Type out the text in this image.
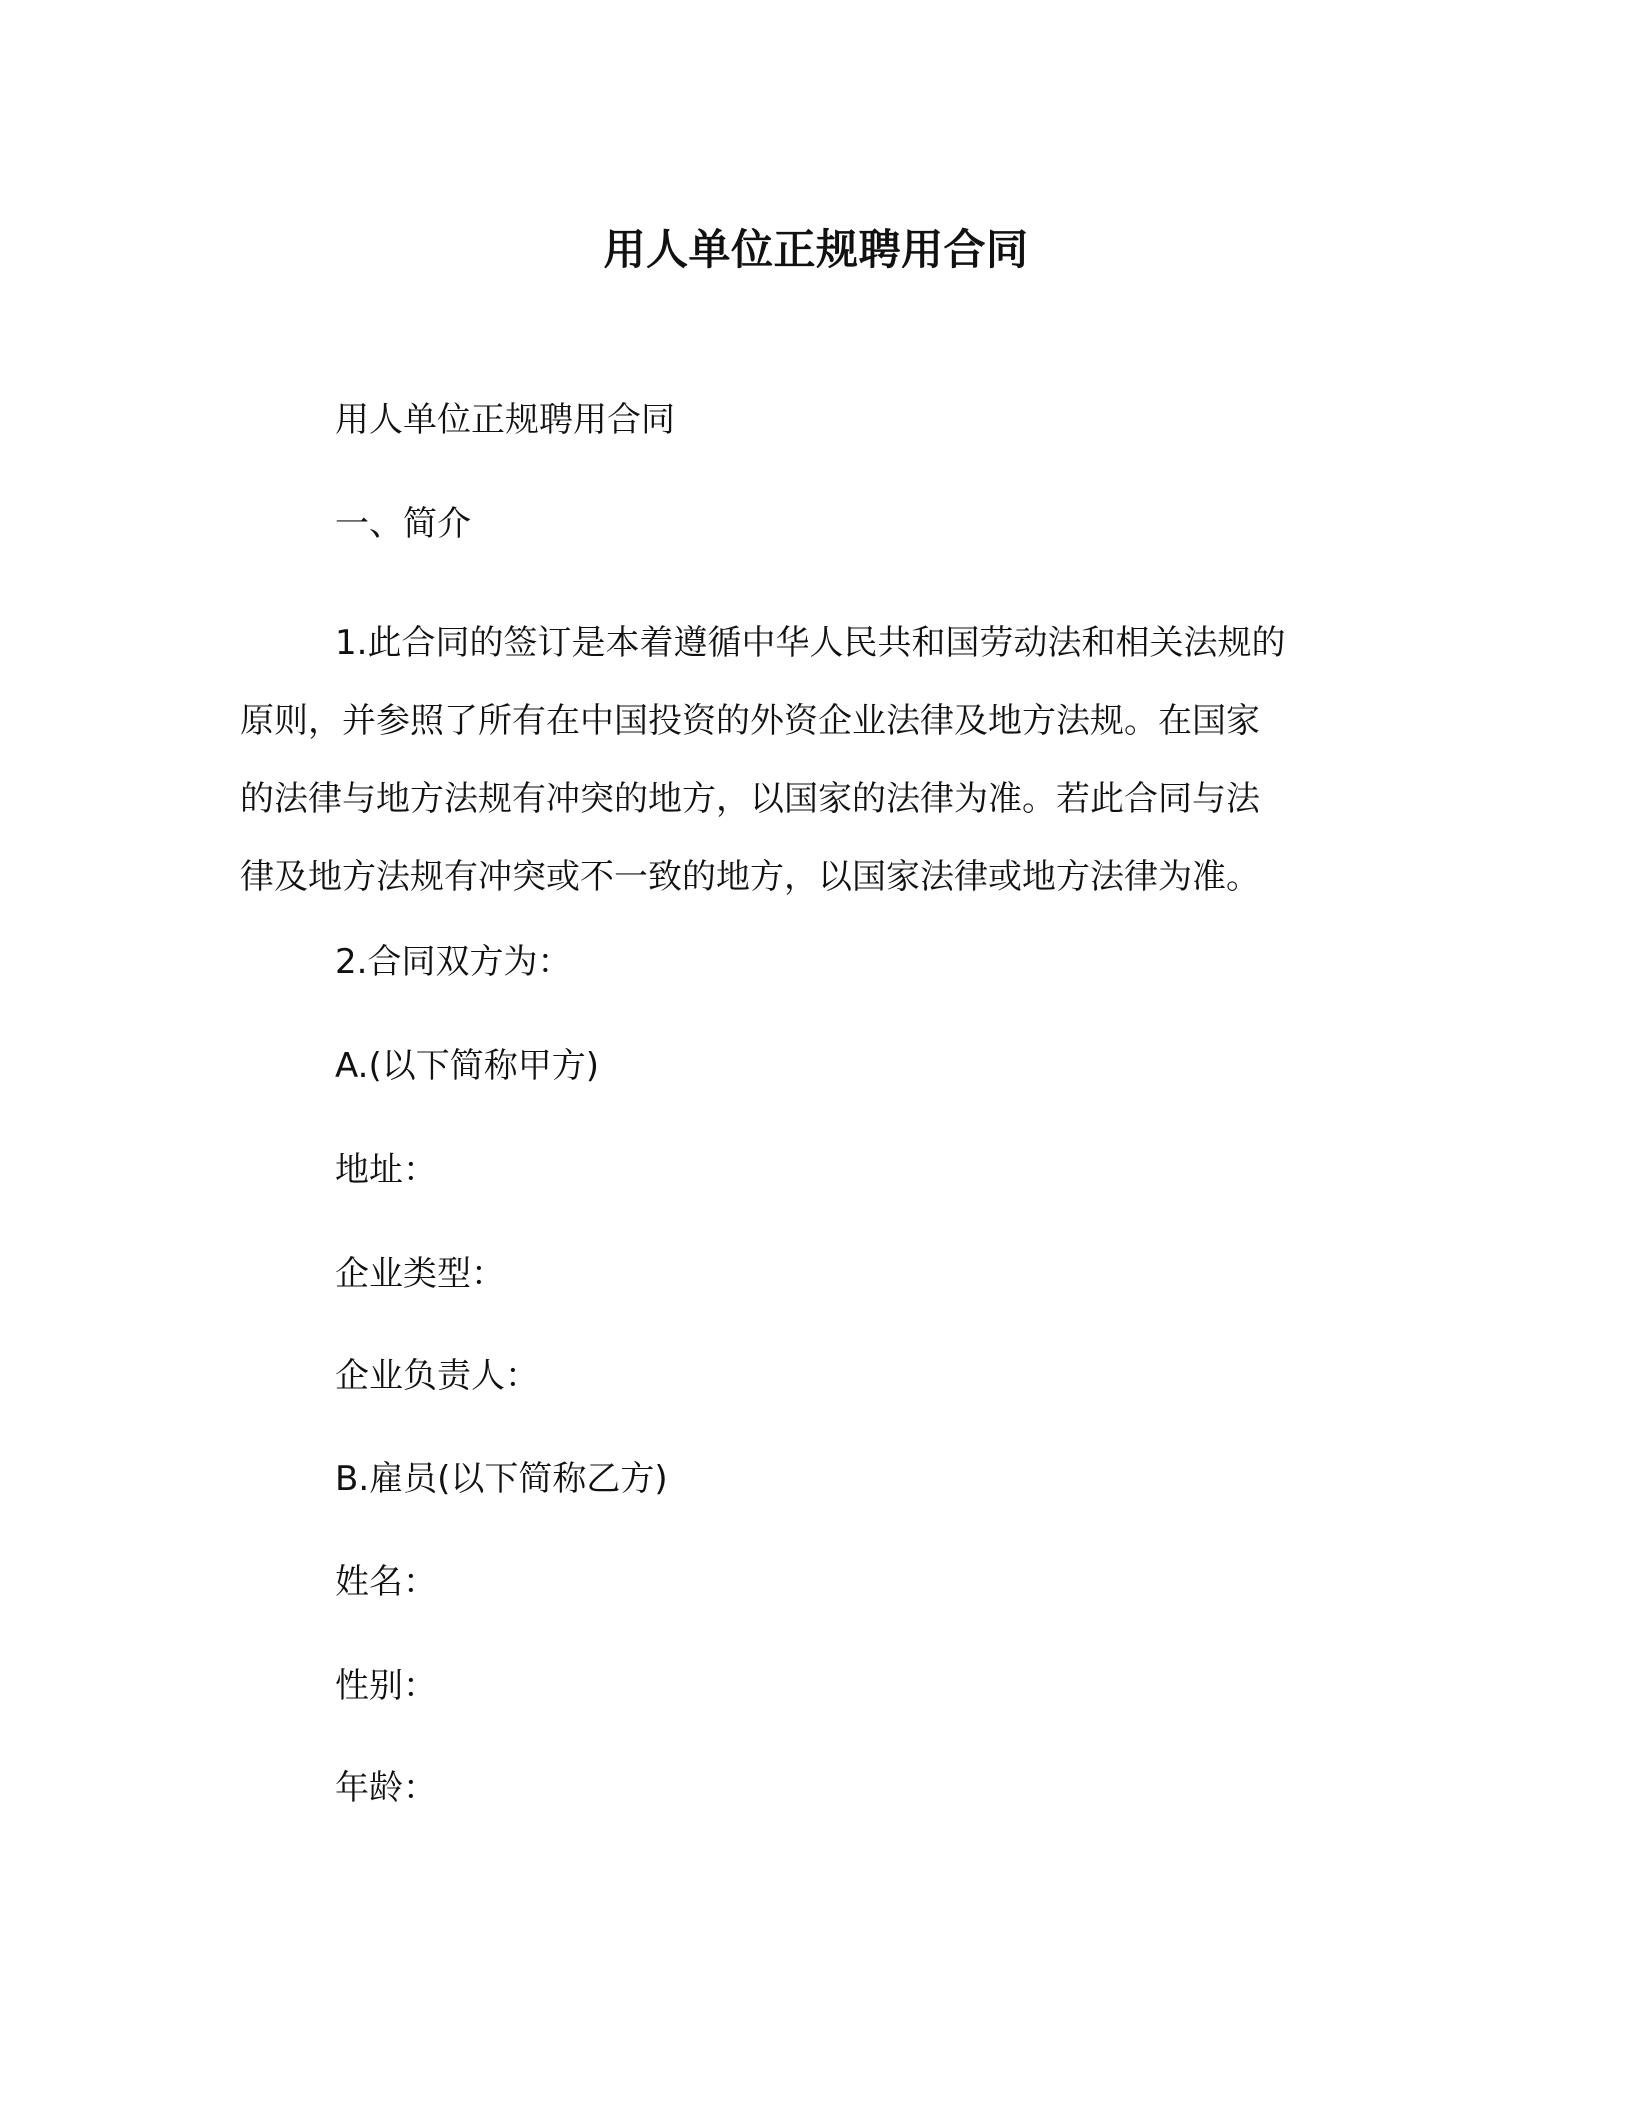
用人单位正规聘用合同
用人单位正规聘用合同
一、简介
1.此合同的签订是本着遵循中华人民共和国劳动法和相关法规的
原则，并参照了所有在中国投资的外资企业法律及地方法规。在国家
的法律与地方法规有冲突的地方，以国家的法律为准。若此合同与法
律及地方法规有冲突或不一致的地方，以国家法律或地方法律为准。
2.合同双方为：
A.(以下简称甲方)
地址：
企业类型：
企业负责人：
B.雇员(以下简称乙方)
姓名：
性别：
年龄：
